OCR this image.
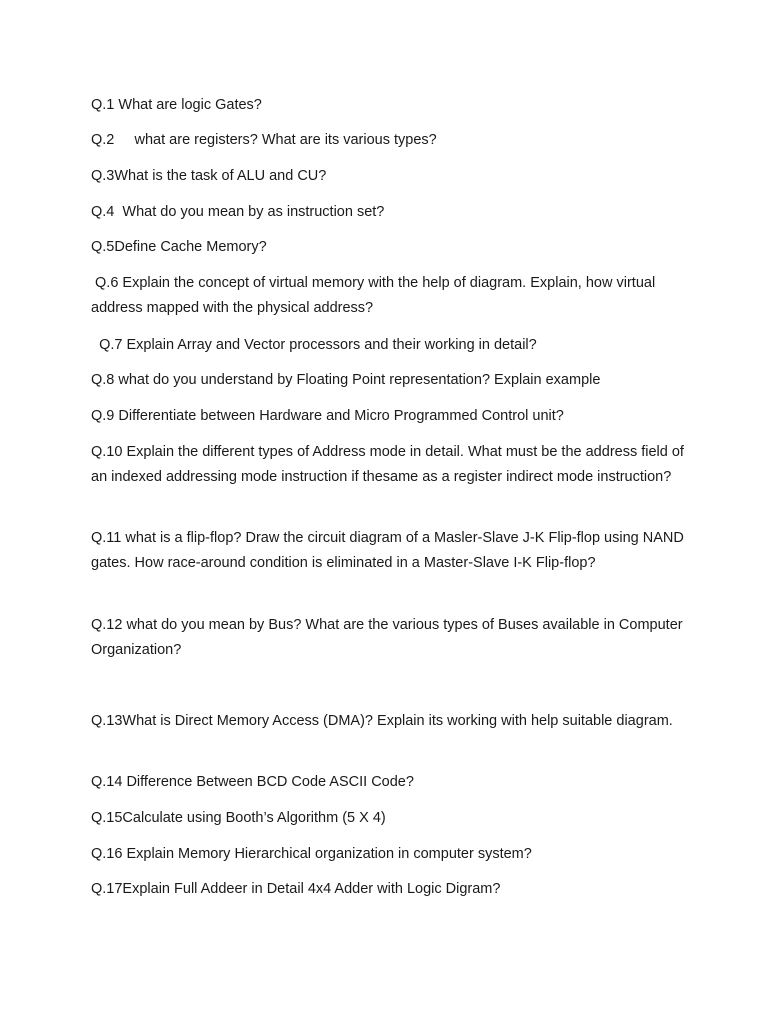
Q.1 What are logic Gates?

Q.2     what are registers? What are its various types?

Q.3What is the task of ALU and CU?

Q.4  What do you mean by as instruction set?

Q.5Define Cache Memory?

Q.6 Explain the concept of virtual memory with the help of diagram. Explain, how virtual address mapped with the physical address?

Q.7 Explain Array and Vector processors and their working in detail?

Q.8 what do you understand by Floating Point representation? Explain example

Q.9 Differentiate between Hardware and Micro Programmed Control unit?

Q.10 Explain the different types of Address mode in detail. What must be the address field of an indexed addressing mode instruction if thesame as a register indirect mode instruction?

Q.11 what is a flip-flop? Draw the circuit diagram of a Masler-Slave J-K Flip-flop using NAND gates. How race-around condition is eliminated in a Master-Slave I-K Flip-flop?

Q.12 what do you mean by Bus? What are the various types of Buses available in Computer   Organization?

Q.13What is Direct Memory Access (DMA)? Explain its working with help suitable diagram.

Q.14 Difference Between BCD Code ASCII Code?

Q.15Calculate using Booth’s Algorithm (5 X 4)

Q.16 Explain Memory Hierarchical organization in computer system?

Q.17Explain Full Addeer in Detail 4x4 Adder with Logic Digram?
